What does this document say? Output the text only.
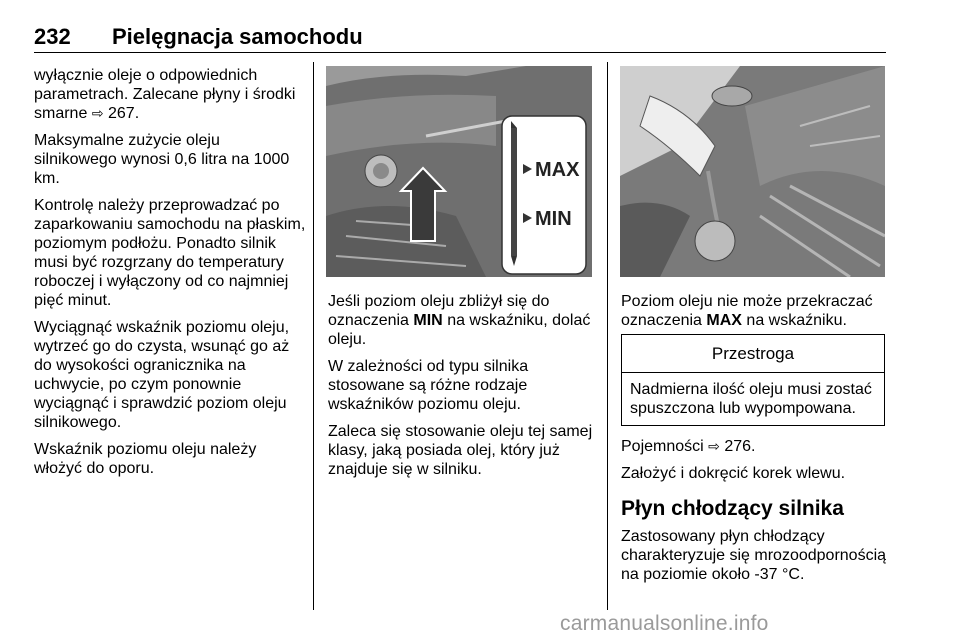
232 Pielęgnacja samochodu

wyłącznie oleje o odpowiednich parametrach. Zalecane płyny i środki smarne ⇨ 267.

Maksymalne zużycie oleju silnikowego wynosi 0,6 litra na 1000 km.

Kontrolę należy przeprowadzać po zaparkowaniu samochodu na płaskim, poziomym podłożu. Ponadto silnik musi być rozgrzany do temperatury roboczej i wyłączony od co najmniej pięć minut.

Wyciągnąć wskaźnik poziomu oleju, wytrzeć go do czysta, wsunąć go aż do wysokości ogranicznika na uchwycie, po czym ponownie wyciągnąć i sprawdzić poziom oleju silnikowego.

Wskaźnik poziomu oleju należy włożyć do oporu.

MAX
MIN

Jeśli poziom oleju zbliżył się do oznaczenia MIN na wskaźniku, dolać oleju.

W zależności od typu silnika stosowane są różne rodzaje wskaźników poziomu oleju.

Zaleca się stosowanie oleju tej samej klasy, jaką posiada olej, który już znajduje się w silniku.

Poziom oleju nie może przekraczać oznaczenia MAX na wskaźniku.

Przestroga
Nadmierna ilość oleju musi zostać spuszczona lub wypompowana.

Pojemności ⇨ 276.

Założyć i dokręcić korek wlewu.

Płyn chłodzący silnika

Zastosowany płyn chłodzący charakteryzuje się mrozoodpornością na poziomie około -37 °C.

carmanualsonline.info
